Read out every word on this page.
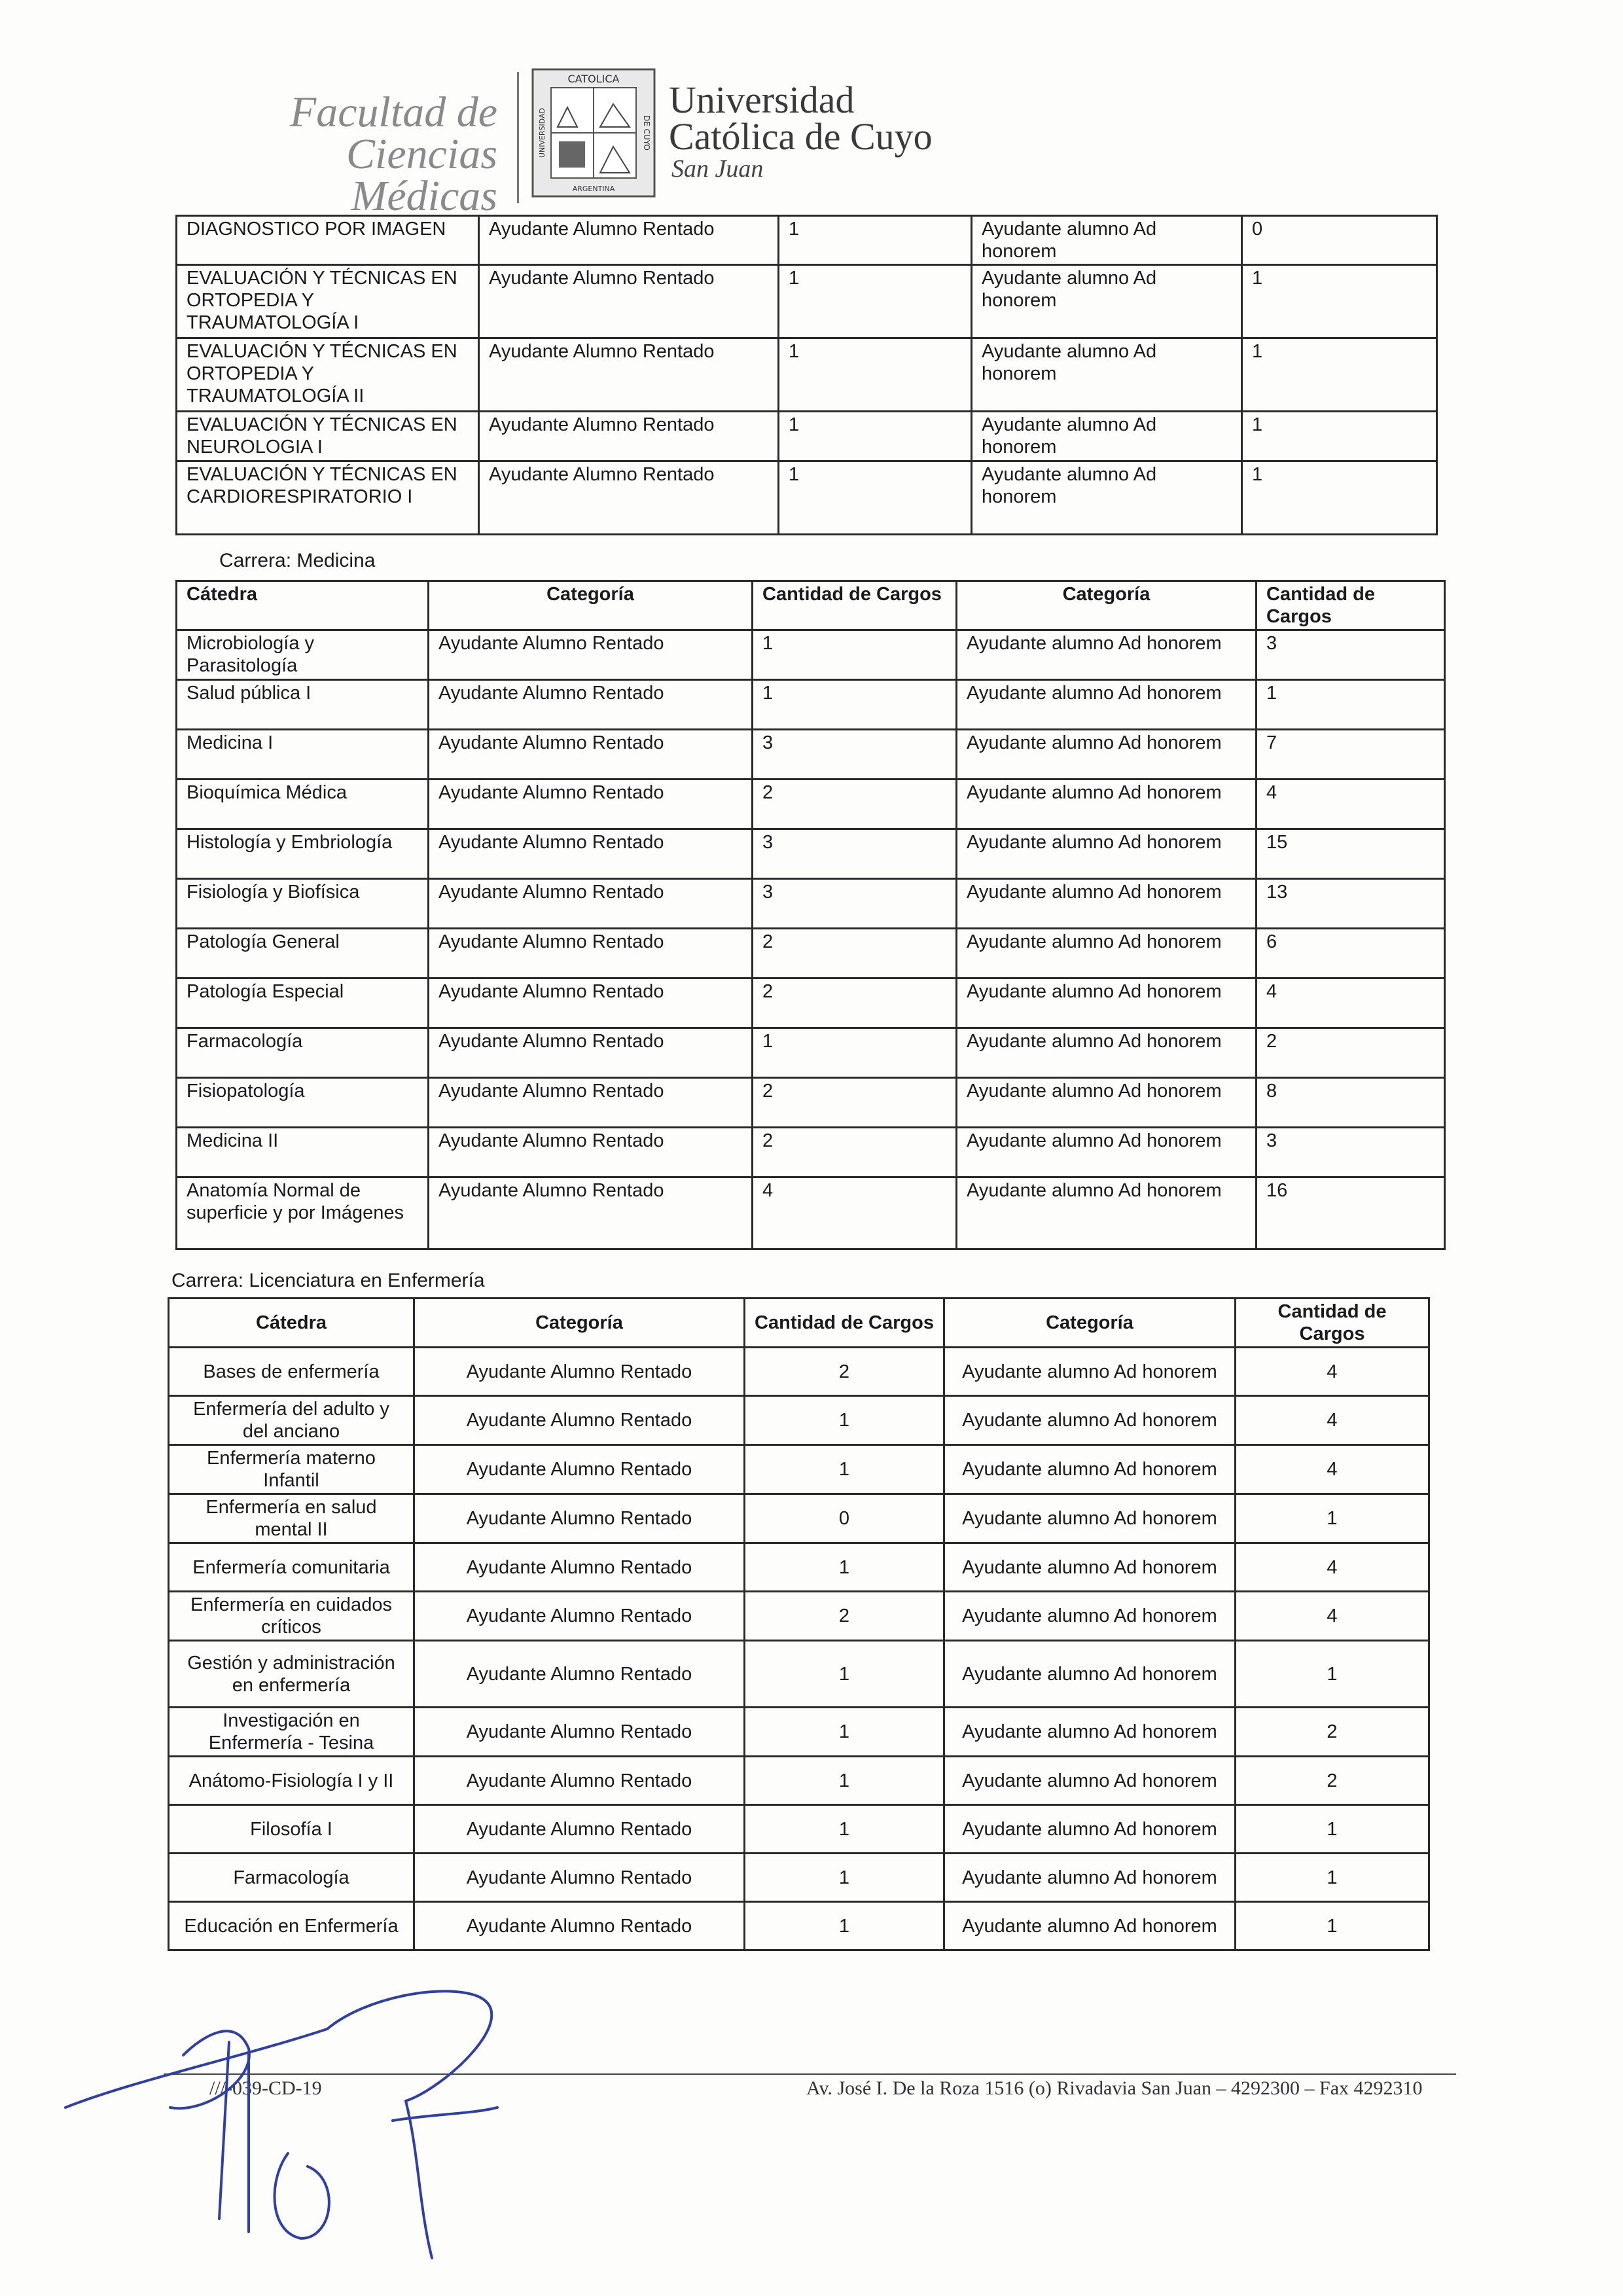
Facultad de Ciencias
Médicas
CATOLICA
ARGENTINA
UNIVERSIDAD	DE CUYO
Universidad
Católica de Cuyo
San Juan
DIAGNOSTICO POR IMAGEN	Ayudante Alumno Rentado	1	Ayudante alumno Ad honorem	0
EVALUACIÓN Y TÉCNICAS EN ORTOPEDIA Y TRAUMATOLOGÍA I	Ayudante Alumno Rentado	1	Ayudante alumno Ad honorem	1
EVALUACIÓN Y TÉCNICAS EN ORTOPEDIA Y TRAUMATOLOGÍA II	Ayudante Alumno Rentado	1	Ayudante alumno Ad honorem	1
EVALUACIÓN Y TÉCNICAS EN NEUROLOGIA I	Ayudante Alumno Rentado	1	Ayudante alumno Ad honorem	1
EVALUACIÓN Y TÉCNICAS EN CARDIORESPIRATORIO I	Ayudante Alumno Rentado	1	Ayudante alumno Ad honorem	1
Carrera: Medicina
Cátedra	Categoría	Cantidad de Cargos	Categoría	Cantidad de Cargos
Microbiología y Parasitología	Ayudante Alumno Rentado	1	Ayudante alumno Ad honorem	3
Salud pública I	Ayudante Alumno Rentado	1	Ayudante alumno Ad honorem	1
Medicina I	Ayudante Alumno Rentado	3	Ayudante alumno Ad honorem	7
Bioquímica Médica	Ayudante Alumno Rentado	2	Ayudante alumno Ad honorem	4
Histología y Embriología	Ayudante Alumno Rentado	3	Ayudante alumno Ad honorem	15
Fisiología y Biofísica	Ayudante Alumno Rentado	3	Ayudante alumno Ad honorem	13
Patología General	Ayudante Alumno Rentado	2	Ayudante alumno Ad honorem	6
Patología Especial	Ayudante Alumno Rentado	2	Ayudante alumno Ad honorem	4
Farmacología	Ayudante Alumno Rentado	1	Ayudante alumno Ad honorem	2
Fisiopatología	Ayudante Alumno Rentado	2	Ayudante alumno Ad honorem	8
Medicina II	Ayudante Alumno Rentado	2	Ayudante alumno Ad honorem	3
Anatomía Normal de superficie y por Imágenes	Ayudante Alumno Rentado	4	Ayudante alumno Ad honorem	16
Carrera: Licenciatura en Enfermería
Cátedra	Categoría	Cantidad de Cargos	Categoría	Cantidad de Cargos
Bases de enfermería	Ayudante Alumno Rentado	2	Ayudante alumno Ad honorem	4
Enfermería del adulto y del anciano	Ayudante Alumno Rentado	1	Ayudante alumno Ad honorem	4
Enfermería materno Infantil	Ayudante Alumno Rentado	1	Ayudante alumno Ad honorem	4
Enfermería en salud mental II	Ayudante Alumno Rentado	0	Ayudante alumno Ad honorem	1
Enfermería comunitaria	Ayudante Alumno Rentado	1	Ayudante alumno Ad honorem	4
Enfermería en cuidados críticos	Ayudante Alumno Rentado	2	Ayudante alumno Ad honorem	4
Gestión y administración en enfermería	Ayudante Alumno Rentado	1	Ayudante alumno Ad honorem	1
Investigación en Enfermería - Tesina	Ayudante Alumno Rentado	1	Ayudante alumno Ad honorem	2
Anátomo-Fisiología I y II	Ayudante Alumno Rentado	1	Ayudante alumno Ad honorem	2
Filosofía I	Ayudante Alumno Rentado	1	Ayudante alumno Ad honorem	1
Farmacología	Ayudante Alumno Rentado	1	Ayudante alumno Ad honorem	1
Educación en Enfermería	Ayudante Alumno Rentado	1	Ayudante alumno Ad honorem	1
///-039-CD-19	Av. José I. De la Roza 1516 (o) Rivadavia San Juan – 4292300 – Fax 4292310
